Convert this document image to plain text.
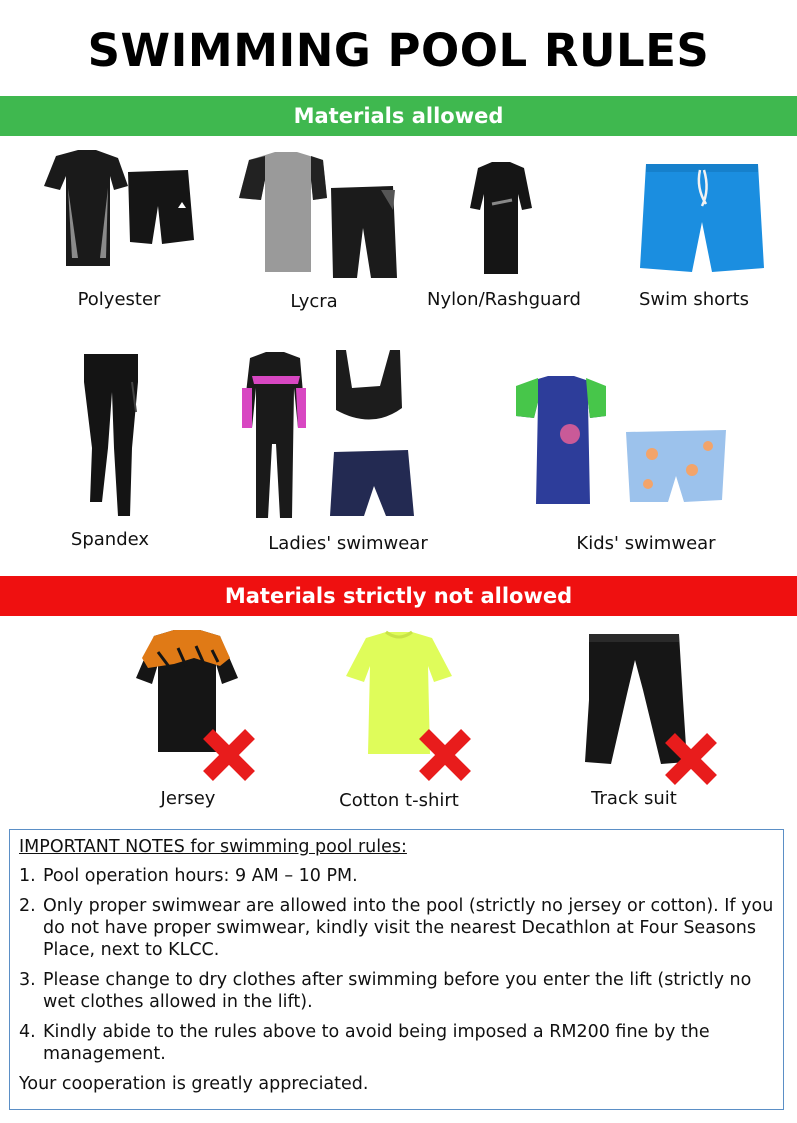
SWIMMING POOL RULES
Materials allowed
Polyester	Lycra	Nylon/Rashguard	Swim shorts
Spandex	Ladies' swimwear	Kids' swimwear
Materials strictly not allowed
Jersey	Cotton t-shirt	Track suit
IMPORTANT NOTES for swimming pool rules:
1. Pool operation hours: 9 AM – 10 PM.
2. Only proper swimwear are allowed into the pool (strictly no jersey or cotton). If you do not have proper swimwear, kindly visit the nearest Decathlon at Four Seasons Place, next to KLCC.
3. Please change to dry clothes after swimming before you enter the lift (strictly no wet clothes allowed in the lift).
4. Kindly abide to the rules above to avoid being imposed a RM200 fine by the management.
Your cooperation is greatly appreciated.
